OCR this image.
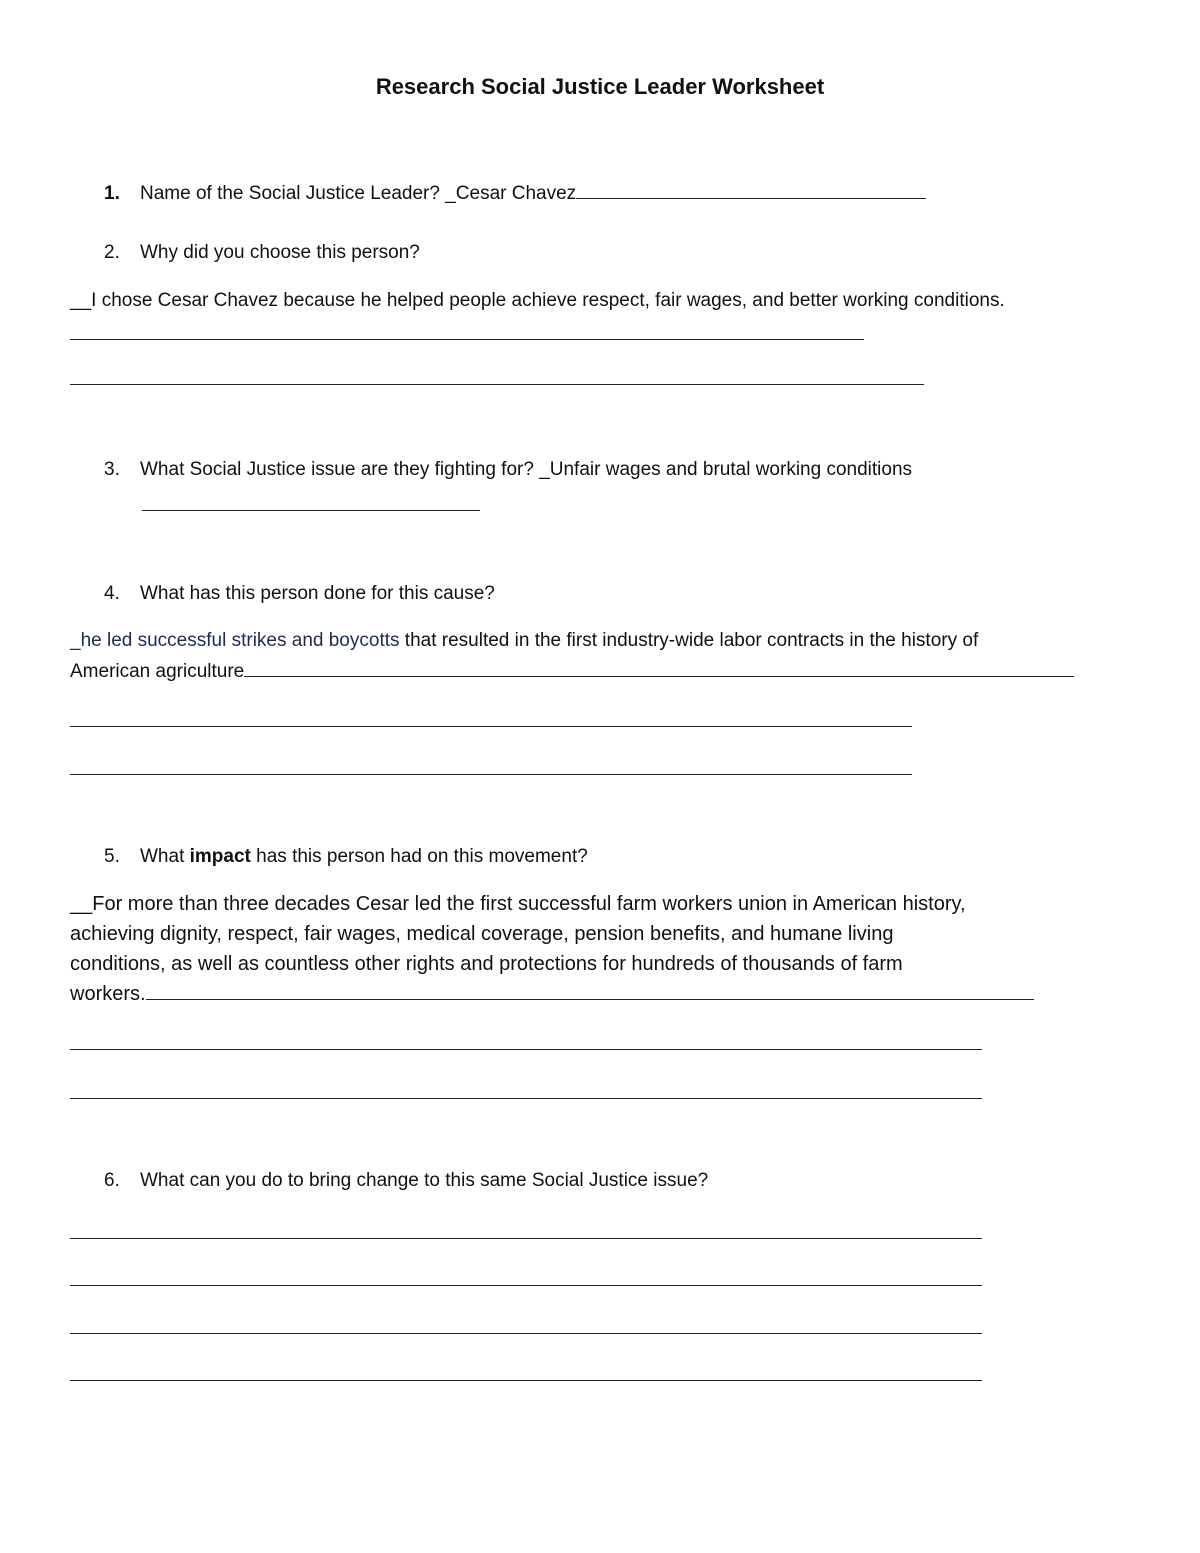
Research Social Justice Leader Worksheet
1. Name of the Social Justice Leader? _Cesar Chavez
2. Why did you choose this person?
__I chose Cesar Chavez because he helped people achieve respect, fair wages, and better working conditions.
3. What Social Justice issue are they fighting for? _Unfair wages and brutal working conditions
4. What has this person done for this cause?
_he led successful strikes and boycotts that resulted in the first industry-wide labor contracts in the history of
American agriculture
5. What impact has this person had on this movement?
__For more than three decades Cesar led the first successful farm workers union in American history,
achieving dignity, respect, fair wages, medical coverage, pension benefits, and humane living
conditions, as well as countless other rights and protections for hundreds of thousands of farm
workers.
6. What can you do to bring change to this same Social Justice issue?
